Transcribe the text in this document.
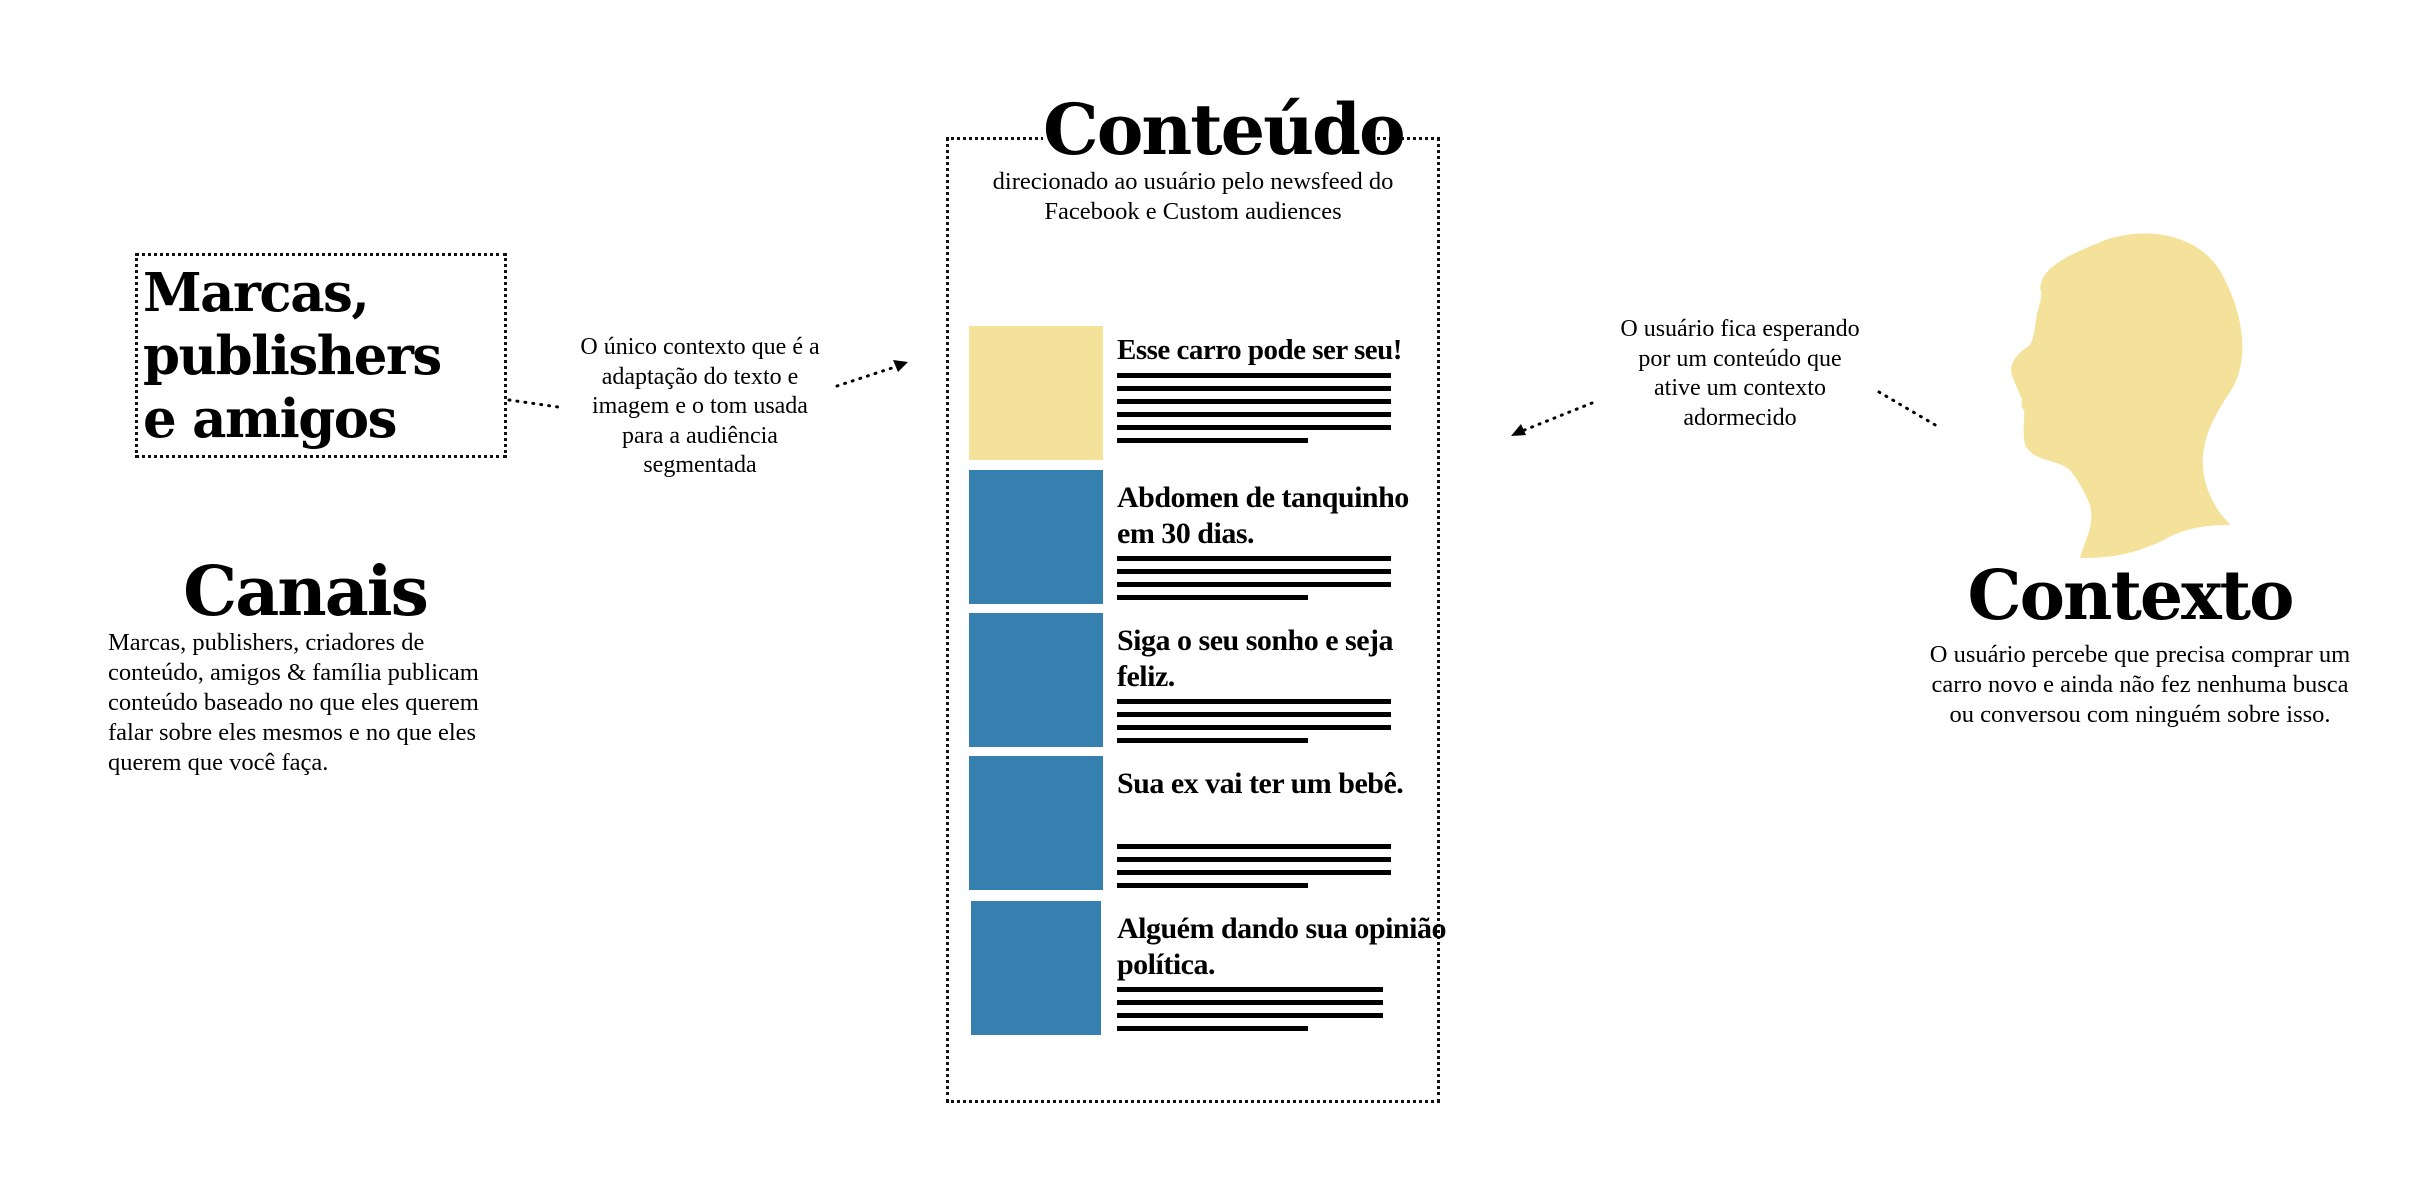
Marcas,
publishers
e amigos
Canais
Marcas, publishers, criadores de
conteúdo, amigos & família publicam
conteúdo baseado no que eles querem
falar sobre eles mesmos e no que eles
querem que você faça.
O único contexto que é a
adaptação do texto e
imagem e o tom usada
para a audiência
segmentada
Conteúdo
direcionado ao usuário pelo newsfeed do
Facebook e Custom audiences
Esse carro pode ser seu!
Abdomen de tanquinho em 30 dias.
Siga o seu sonho e seja feliz.
Sua ex vai ter um bebê.
Alguém dando sua opinião política.
O usuário fica esperando
por um conteúdo que
ative um contexto
adormecido
Contexto
O usuário percebe que precisa comprar um
carro novo e ainda não fez nenhuma busca
ou conversou com ninguém sobre isso.
